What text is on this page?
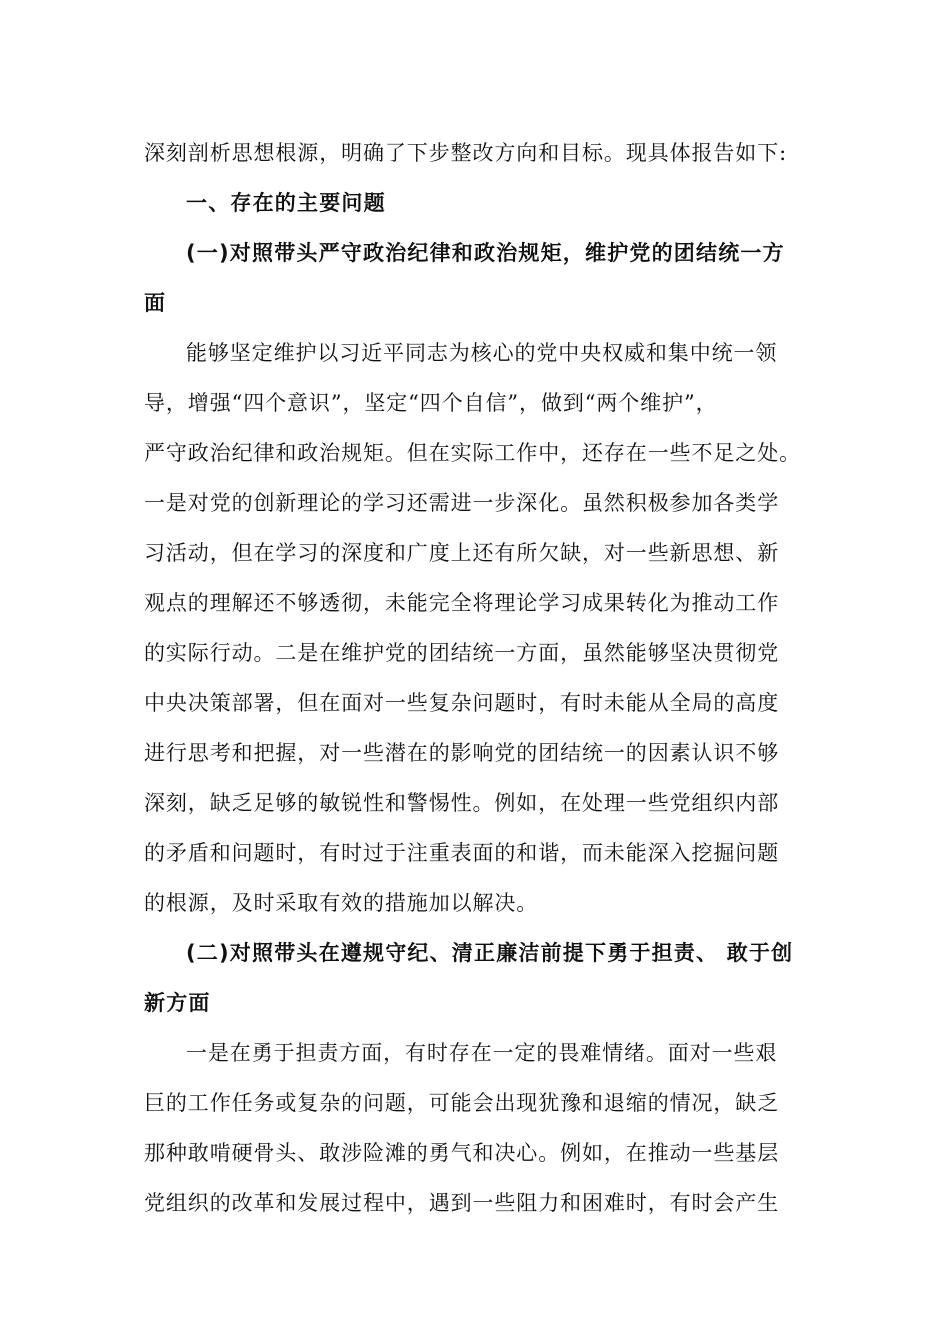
深刻剖析思想根源，明确了下步整改方向和目标。现具体报告如下:
一、存在的主要问题
(一)对照带头严守政治纪律和政治规矩，维护党的团结统一方
面
能够坚定维护以习近平同志为核心的党中央权威和集中统一领
导，增强“四个意识”，坚定“四个自信”，做到“两个维护”，
严守政治纪律和政治规矩。但在实际工作中，还存在一些不足之处。
一是对党的创新理论的学习还需进一步深化。虽然积极参加各类学
习活动，但在学习的深度和广度上还有所欠缺，对一些新思想、新
观点的理解还不够透彻，未能完全将理论学习成果转化为推动工作
的实际行动。二是在维护党的团结统一方面，虽然能够坚决贯彻党
中央决策部署，但在面对一些复杂问题时，有时未能从全局的高度
进行思考和把握，对一些潜在的影响党的团结统一的因素认识不够
深刻，缺乏足够的敏锐性和警惕性。例如，在处理一些党组织内部
的矛盾和问题时，有时过于注重表面的和谐，而未能深入挖掘问题
的根源，及时采取有效的措施加以解决。
(二)对照带头在遵规守纪、清正廉洁前提下勇于担责、 敢于创
新方面
一是在勇于担责方面，有时存在一定的畏难情绪。面对一些艰
巨的工作任务或复杂的问题，可能会出现犹豫和退缩的情况，缺乏
那种敢啃硬骨头、敢涉险滩的勇气和决心。例如，在推动一些基层
党组织的改革和发展过程中，遇到一些阻力和困难时，有时会产生
